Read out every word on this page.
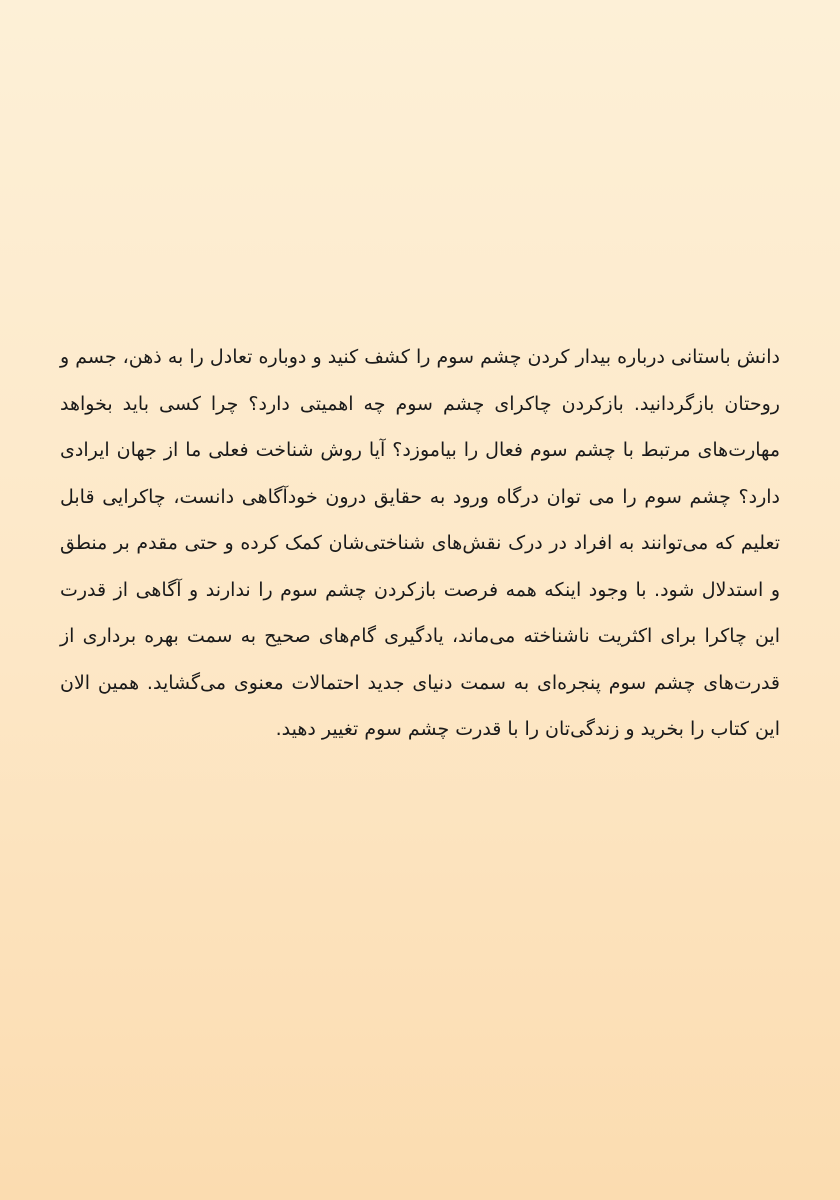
دانش باستانی درباره بیدار کردن چشم سوم را کشف کنید و دوباره تعادل را به ذهن، جسم و روحتان بازگردانید. بازکردن چاکرای چشم سوم چه اهمیتی دارد؟ چرا کسی باید بخواهد مهارت‌های مرتبط با چشم سوم فعال را بیاموزد؟ آیا روش شناخت فعلی ما از جهان ایرادی دارد؟ چشم سوم را می توان درگاه ورود به حقایق درون خودآگاهی دانست، چاکرایی قابل تعلیم که می‌توانند به افراد در درک نقش‌های شناختی‌شان کمک کرده و حتی مقدم بر منطق و استدلال شود. با وجود اینکه همه فرصت بازکردن چشم سوم را ندارند و آگاهی از قدرت این چاکرا برای اکثریت ناشناخته می‌ماند، یادگیری گام‌های صحیح به سمت بهره برداری از قدرت‌های چشم سوم پنجره‌ای به سمت دنیای جدید احتمالات معنوی می‌گشاید. همین الان این کتاب را بخرید و زندگی‌تان را با قدرت چشم سوم تغییر دهید.
